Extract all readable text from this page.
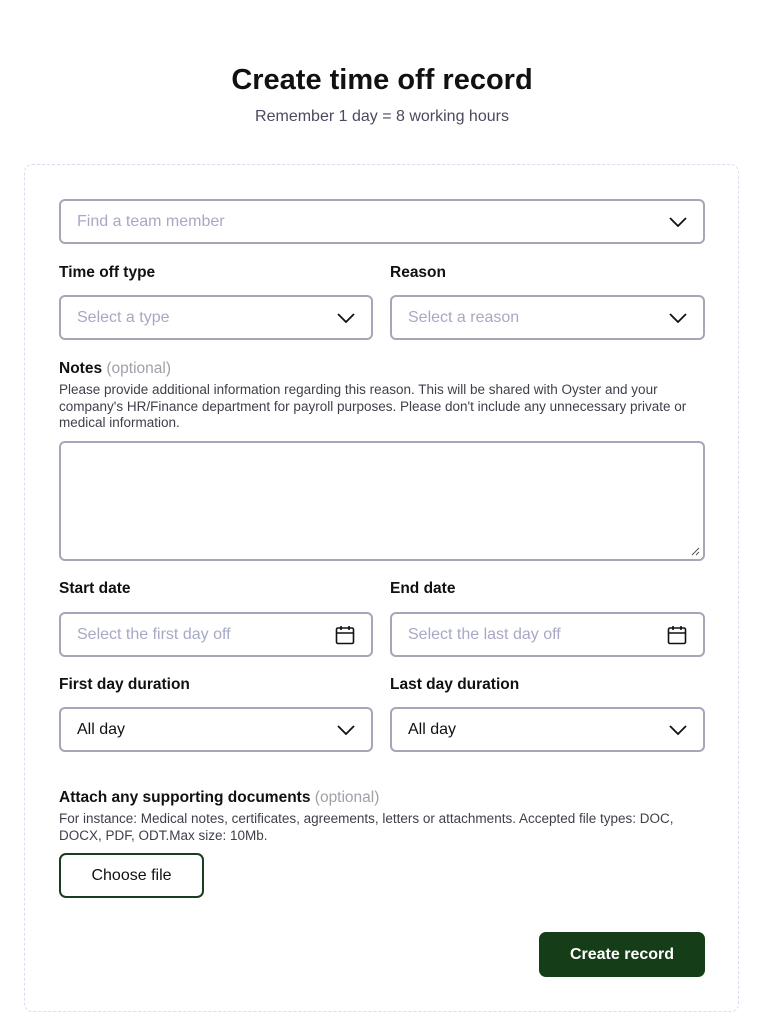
Create time off record
Remember 1 day = 8 working hours
Find a team member
Time off type	Reason
Select a type	Select a reason
Notes (optional)
Please provide additional information regarding this reason. This will be shared with Oyster and your company's HR/Finance department for payroll purposes. Please don't include any unnecessary private or medical information.
Start date	End date
Select the first day off	Select the last day off
First day duration	Last day duration
All day	All day
Attach any supporting documents (optional)
For instance: Medical notes, certificates, agreements, letters or attachments. Accepted file types: DOC, DOCX, PDF, ODT.Max size: 10Mb.
Choose file
Create record
